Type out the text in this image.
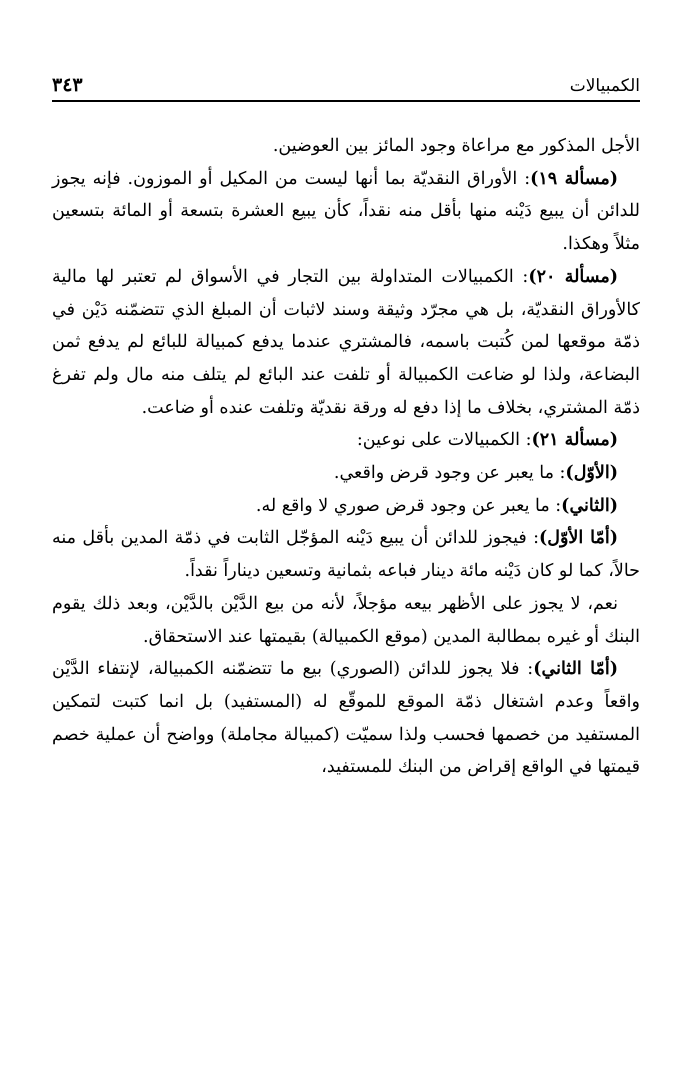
الكمبيالات
٣٤٣

الأجل المذكور مع مراعاة وجود المائز بين العوضين.

(مسألة ١٩): الأوراق النقديّة بما أنها ليست من المكيل أو الموزون. فإنه يجوز للدائن أن يبيع دَيْنه منها بأقل منه نقداً، كأن يبيع العشرة بتسعة أو المائة بتسعين مثلاً وهكذا.

(مسألة ٢٠): الكمبيالات المتداولة بين التجار في الأسواق لم تعتبر لها مالية كالأوراق النقديّة، بل هي مجرّد وثيقة وسند لاثبات أن المبلغ الذي تتضمّنه دَيْن في ذمّة موقعها لمن كُتبت باسمه، فالمشتري عندما يدفع كمبيالة للبائع لم يدفع ثمن البضاعة، ولذا لو ضاعت الكمبيالة أو تلفت عند البائع لم يتلف منه مال ولم تفرغ ذمّة المشتري، بخلاف ما إذا دفع له ورقة نقديّة وتلفت عنده أو ضاعت.

(مسألة ٢١): الكمبيالات على نوعين:

(الأوّل): ما يعبر عن وجود قرض واقعي.

(الثاني): ما يعبر عن وجود قرض صوري لا واقع له.

(أمّا الأوّل): فيجوز للدائن أن يبيع دَيْنه المؤجّل الثابت في ذمّة المدين بأقل منه حالاً، كما لو كان دَيْنه مائة دينار فباعه بثمانية وتسعين ديناراً نقداً.

نعم، لا يجوز على الأظهر بيعه مؤجلاً، لأنه من بيع الدَّيْن بالدَّيْن، وبعد ذلك يقوم البنك أو غيره بمطالبة المدين (موقع الكمبيالة) بقيمتها عند الاستحقاق.

(أمّا الثاني): فلا يجوز للدائن (الصوري) بيع ما تتضمّنه الكمبيالة، لإنتفاء الدَّيْن واقعاً وعدم اشتغال ذمّة الموقع للموقّع له (المستفيد) بل انما كتبت لتمكين المستفيد من خصمها فحسب ولذا سميّت (كمبيالة مجاملة) وواضح أن عملية خصم قيمتها في الواقع إقراض من البنك للمستفيد،
